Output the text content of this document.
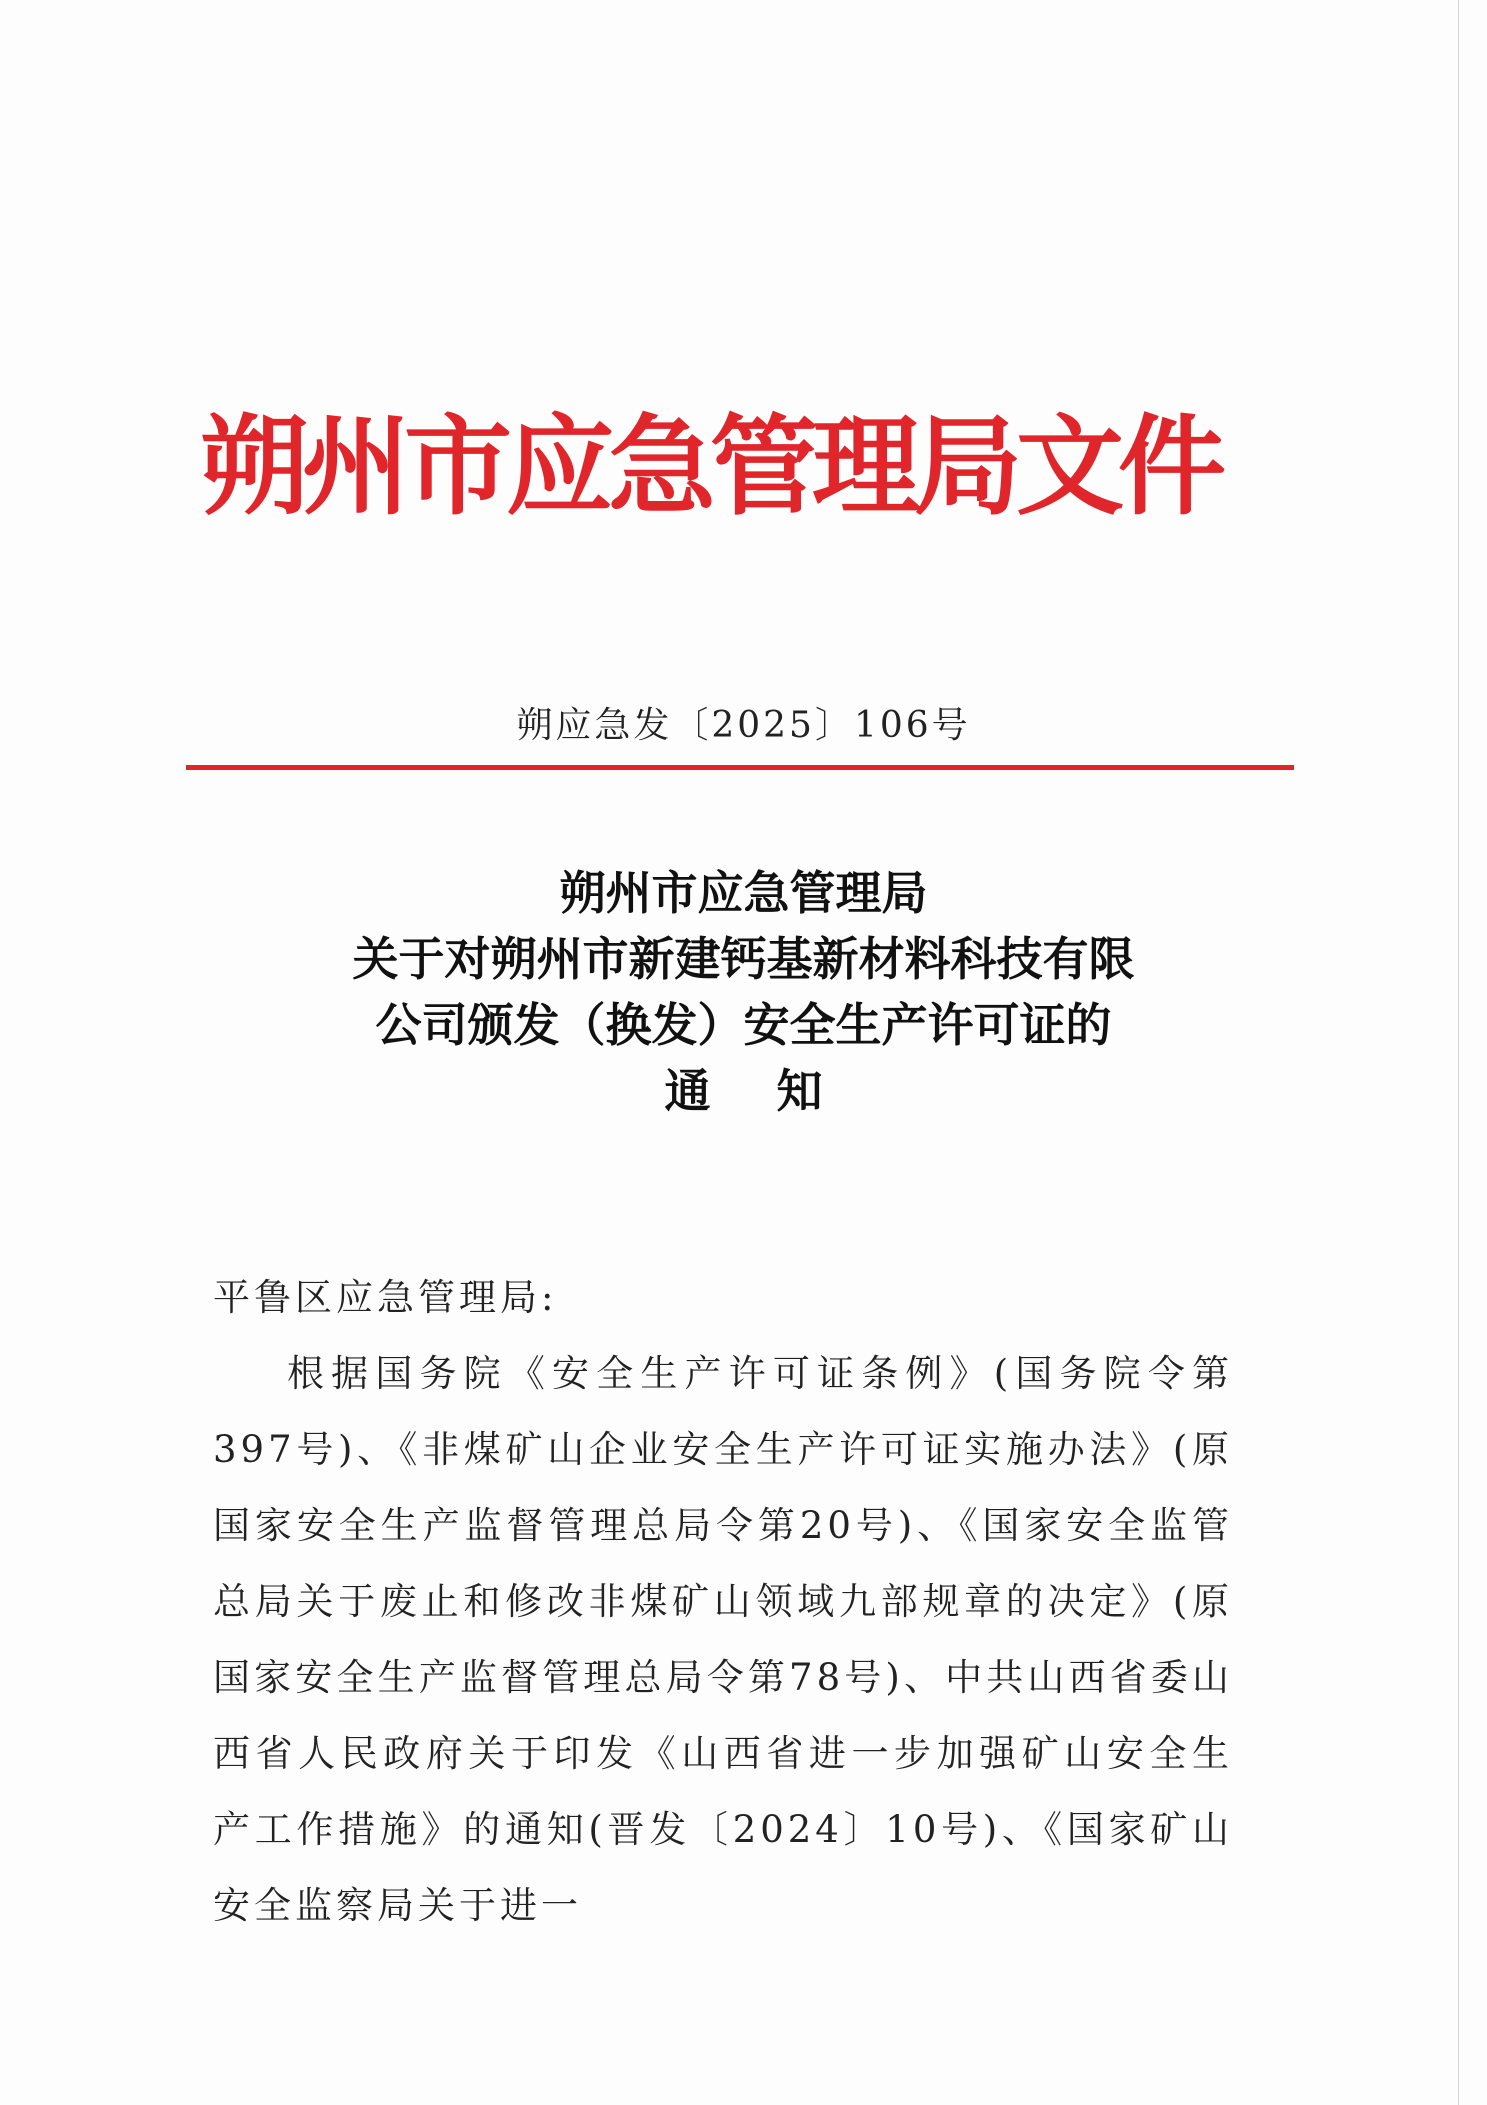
朔州市应急管理局文件
朔应急发〔2025〕106号
朔州市应急管理局
关于对朔州市新建钙基新材料科技有限
公司颁发（换发）安全生产许可证的
通知

平鲁区应急管理局:

根据国务院《安全生产许可证条例》(国务院令第397号)、《非煤矿山企业安全生产许可证实施办法》(原国家安全生产监督管理总局令第20号)、《国家安全监管总局关于废止和修改非煤矿山领域九部规章的决定》(原国家安全生产监督管理总局令第78号)、中共山西省委山西省人民政府关于印发《山西省进一步加强矿山安全生产工作措施》的通知(晋发〔2024〕10号)、《国家矿山安全监察局关于进一
